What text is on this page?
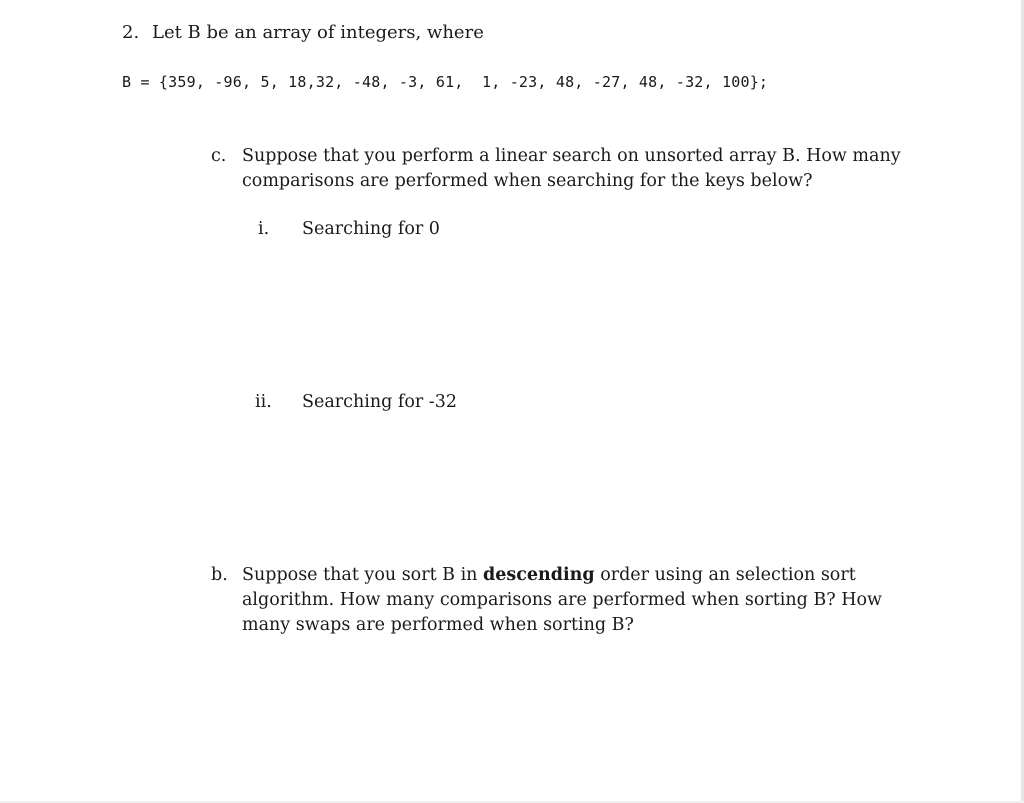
2. Let B be an array of integers, where
B = {359, -96, 5, 18,32, -48, -3, 61,  1, -23, 48, -27, 48, -32, 100};
c. Suppose that you perform a linear search on unsorted array B. How many comparisons are performed when searching for the keys below?
i. Searching for 0
ii. Searching for -32
b. Suppose that you sort B in descending order using an selection sort algorithm. How many comparisons are performed when sorting B? How many swaps are performed when sorting B?
